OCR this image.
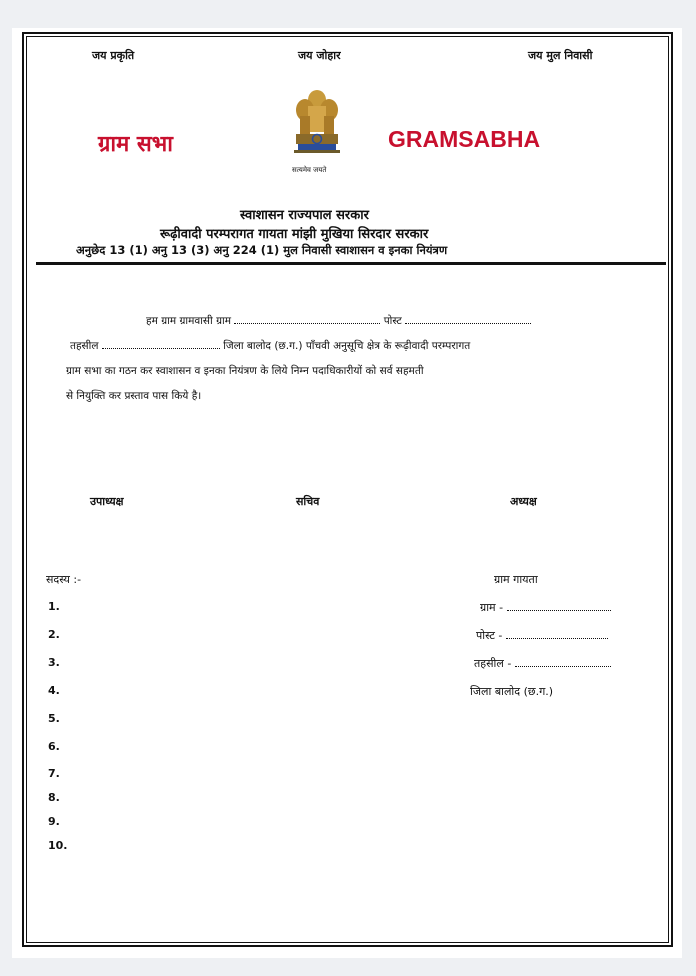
जय प्रकृति	जय जोहार	जय मुल निवासी
ग्राम सभा	GRAMSABHA
सत्यमेव जयते
स्वाशासन राज्यपाल सरकार
रूढ़ीवादी परम्परागत गायता मांझी मुखिया सिरदार सरकार
अनुछेद 13 (1) अनु 13 (3) अनु 224 (1) मुल निवासी स्वाशासन व इनका नियंत्रण
हम ग्राम ग्रामवासी ग्राम	पोस्ट
तहसील	जिला बालोद (छ.ग.) पॉंचवी अनुसूचि क्षेत्र के रूढ़ीवादी परम्परागत
ग्राम सभा का गठन कर स्वाशासन व इनका नियंत्रण के लिये निम्न पदाधिकारीयों को सर्व सहमती
से नियुक्ति कर प्रस्ताव पास किये है।
उपाध्यक्ष	सचिव	अध्यक्ष
सदस्य :-
1.
2.
3.
4.
5.
6.
7.
8.
9.
10.
ग्राम गायता
ग्राम -
पोस्ट -
तहसील -
जिला बालोद (छ.ग.)
